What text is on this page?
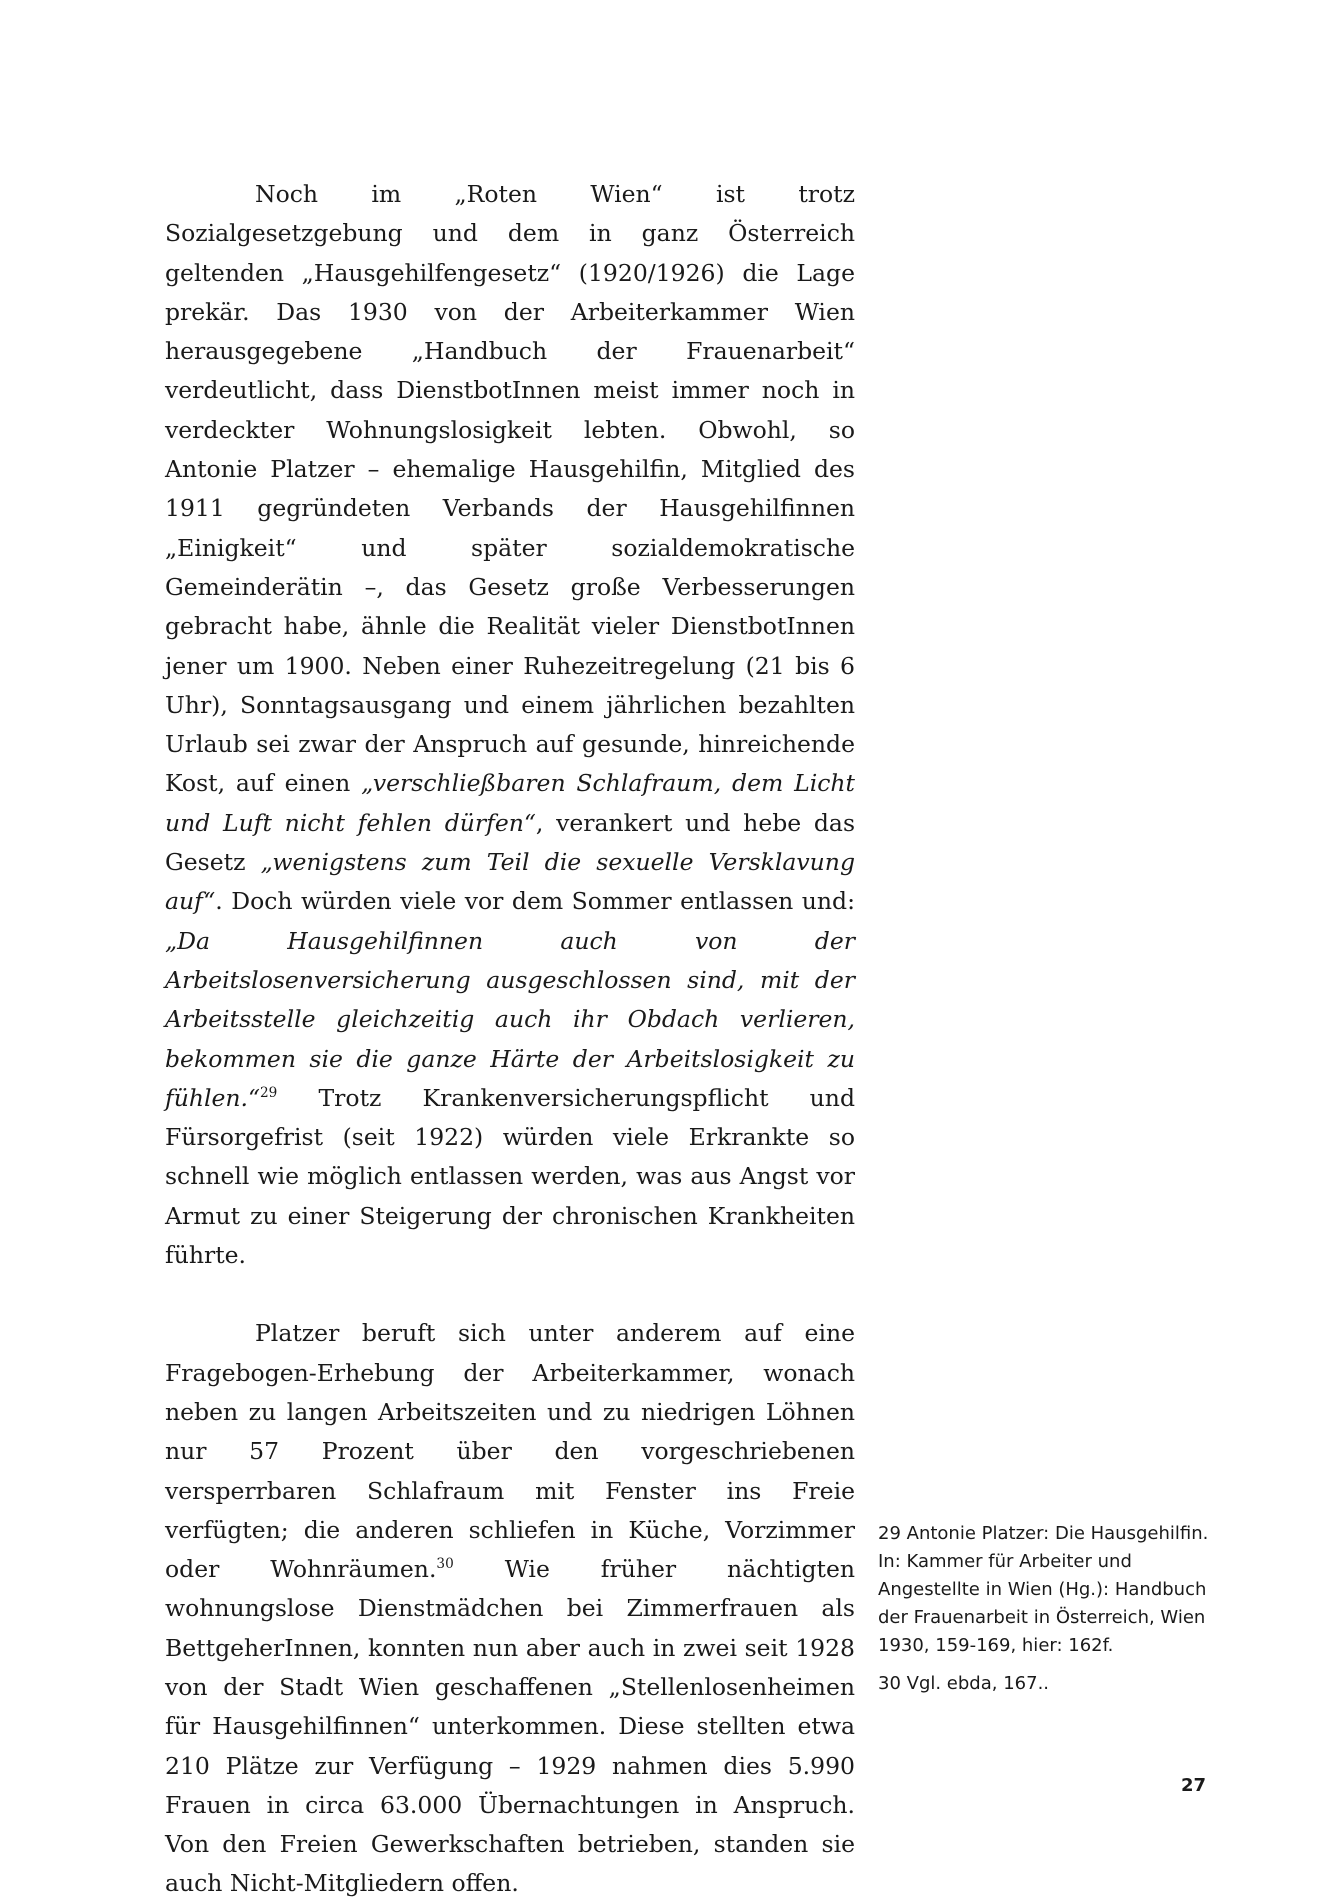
Noch im „Roten Wien“ ist trotz Sozialgesetzgebung und dem in ganz Österreich geltenden „Hausgehilfengesetz“ (1920/1926) die Lage prekär. Das 1930 von der Arbeiterkammer Wien herausgegebene „Handbuch der Frauenarbeit“ verdeutlicht, dass DienstbotInnen meist immer noch in verdeckter Wohnungslosigkeit lebten. Obwohl, so Antonie Platzer – ehemalige Hausgehilfin, Mitglied des 1911 gegründeten Verbands der Hausgehilfinnen „Einigkeit“ und später sozialdemokratische Gemeinderätin –, das Gesetz große Verbesserungen gebracht habe, ähnle die Realität vieler DienstbotInnen jener um 1900. Neben einer Ruhezeitregelung (21 bis 6 Uhr), Sonntagsausgang und einem jährlichen bezahlten Urlaub sei zwar der Anspruch auf gesunde, hinreichende Kost, auf einen „verschließbaren Schlafraum, dem Licht und Luft nicht fehlen dürfen“, verankert und hebe das Gesetz „wenigstens zum Teil die sexuelle Versklavung auf“. Doch würden viele vor dem Sommer entlassen und: „Da Hausgehilfinnen auch von der Arbeitslosenversicherung ausgeschlossen sind, mit der Arbeitsstelle gleichzeitig auch ihr Obdach verlieren, bekommen sie die ganze Härte der Arbeitslosigkeit zu fühlen.“$^{29}$ Trotz Krankenversicherungspflicht und Fürsorgefrist (seit 1922) würden viele Erkrankte so schnell wie möglich entlassen werden, was aus Angst vor Armut zu einer Steigerung der chronischen Krankheiten führte.

Platzer beruft sich unter anderem auf eine Fragebogen-Erhebung der Arbeiterkammer, wonach neben zu langen Arbeitszeiten und zu niedrigen Löhnen nur 57 Prozent über den vorgeschriebenen versperrbaren Schlafraum mit Fenster ins Freie verfügten; die anderen schliefen in Küche, Vorzimmer oder Wohnräumen.$^{30}$ Wie früher nächtigten wohnungslose Dienstmädchen bei Zimmerfrauen als BettgeherInnen, konnten nun aber auch in zwei seit 1928 von der Stadt Wien geschaffenen „Stellenlosenheimen für Hausgehilfinnen“ unterkommen. Diese stellten etwa 210 Plätze zur Verfügung – 1929 nahmen dies 5.990 Frauen in circa 63.000 Übernachtungen in Anspruch. Von den Freien Gewerkschaften betrieben, standen sie auch Nicht-Mitgliedern offen.

29 Antonie Platzer: Die Hausgehilfin. In: Kammer für Arbeiter und Angestellte in Wien (Hg.): Handbuch der Frauenarbeit in Österreich, Wien 1930, 159-169, hier: 162f.

30 Vgl. ebda, 167..

27
